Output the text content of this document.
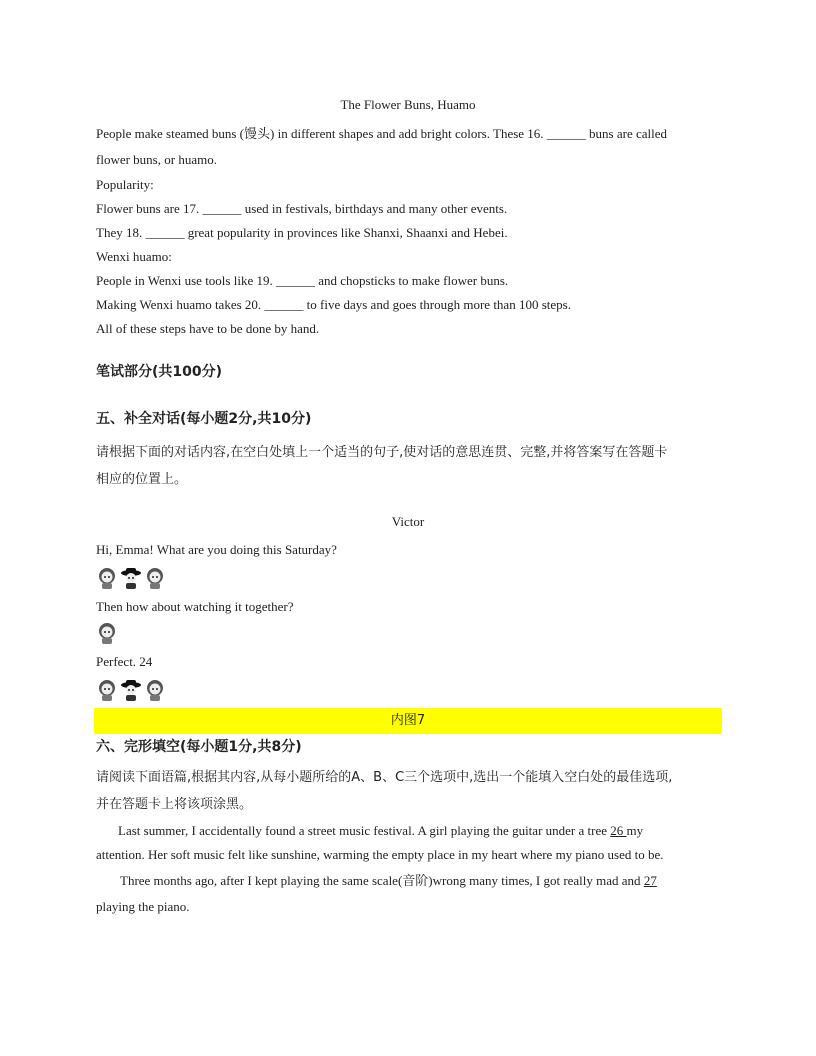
The Flower Buns, Huamo
People make steamed buns (馒头) in different shapes and add bright colors. These 16. ______ buns are called
flower buns, or huamo.
Popularity:
Flower buns are 17. ______ used in festivals, birthdays and many other events.
They 18. ______ great popularity in provinces like Shanxi, Shaanxi and Hebei.
Wenxi huamo:
People in Wenxi use tools like 19. ______ and chopsticks to make flower buns.
Making Wenxi huamo takes 20. ______ to five days and goes through more than 100 steps.
All of these steps have to be done by hand.
笔试部分(共100分)
五、补全对话(每小题2分,共10分)
请根据下面的对话内容,在空白处填上一个适当的句子,使对话的意思连贯、完整,并将答案写在答题卡
相应的位置上。
Victor
Hi, Emma! What are you doing this Saturday?
Then how about watching it together?
Perfect. 24
内图7
六、完形填空(每小题1分,共8分)
请阅读下面语篇,根据其内容,从每小题所给的A、B、C三个选项中,选出一个能填入空白处的最佳选项,
并在答题卡上将该项涂黑。
Last summer, I accidentally found a street music festival. A girl playing the guitar under a tree 26 my
attention. Her soft music felt like sunshine, warming the empty place in my heart where my piano used to be.
Three months ago, after I kept playing the same scale(音阶)wrong many times, I got really mad and 27
playing the piano.
